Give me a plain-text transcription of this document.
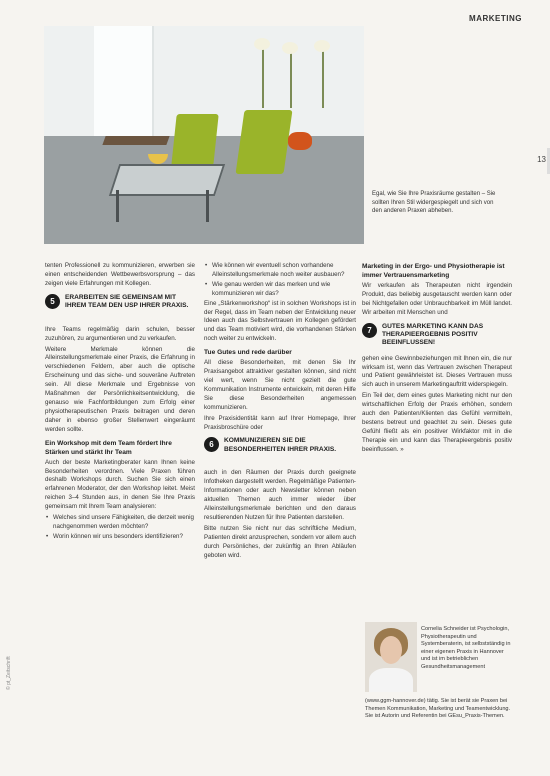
MARKETING
13
Egal, wie Sie Ihre Praxisräume gestalten – Sie sollten Ihren Stil widergespiegelt und sich von den anderen Praxen abheben.

tenten Professionell zu kommunizieren, erwerben sie einen entscheidenden Wettbewerbsvorsprung – das zeigen viele Erfahrungen mit Kollegen.

5	ERARBEITEN SIE GEMEINSAM MIT IHREM TEAM DEN USP IHRER PRAXIS.

Ihre Teams regelmäßig darin schulen, besser zuzuhören, zu argumentieren und zu verkaufen.

Weitere Merkmale können die Alleinstellungsmerkmale einer Praxis, die Erfahrung in verschiedenen Feldern, aber auch die optische Erscheinung und das siche- und souveräne Auftreten sein. All diese Merkmale und Ergebnisse von Maßnahmen der Persönlichkeitsentwicklung, die genauso wie Fachfortbildungen zum Erfolg einer physiotherapeutischen Praxis beitragen und deren daher in ebenso großer Stellenwert eingeräumt werden sollte.

Ein Workshop mit dem Team fördert Ihre Stärken und stärkt Ihr Team

Auch der beste Marketingberater kann Ihnen keine Besonderheiten verordnen. Viele Praxen führen deshalb Workshops durch. Suchen Sie sich einen erfahrenen Moderator, der den Workshop leitet. Meist reichen 3–4 Stunden aus, in denen Sie Ihre Praxis gemeinsam mit Ihrem Team analysieren:

• Welches sind unsere Fähigkeiten, die derzeit wenig nachgenommen werden möchten?
• Worin können wir uns besonders identifizieren?
• Wie können wir eventuell schon vorhandene Alleinstellungsmerkmale noch weiter ausbauen?
• Wie genau werden wir das merken und wie kommunizieren wir das?

Eine „Stärkenworkshop“ ist in solchen Workshops ist in der Regel, dass im Team neben der Entwicklung neuer Ideen auch das Selbstvertrauen im Kollegen gefördert und das Team motiviert wird, die vorhandenen Stärken noch weiter zu entwickeln.

Tue Gutes und rede darüber

All diese Besonderheiten, mit denen Sie Ihr Praxisangebot attraktiver gestalten können, sind nicht viel wert, wenn Sie nicht gezielt die gute Kommunikation Instrumente entwickeln, mit deren Hilfe Sie diese Besonderheiten angemessen kommunizieren.

Ihre Praxisidentität kann auf Ihrer Homepage, Ihrer Praxisbroschüre oder

6	KOMMUNIZIEREN SIE DIE BESONDERHEITEN IHRER PRAXIS.

auch in den Räumen der Praxis durch geeignete Infotheken dargestellt werden. Regelmäßige Patienten-Informationen oder auch Newsletter können neben aktuellen Themen auch immer wieder über Alleinstellungsmerkmale berichten und den daraus resultierenden Nutzen für Ihre Patienten darstellen.

Bitte nutzen Sie nicht nur das schriftliche Medium, Patienten direkt anzusprechen, sondern vor allem auch durch Persönliches, der zukünftig an Ihren Abläufen geboten wird.

Marketing in der Ergo- und Physiotherapie ist immer Vertrauensmarketing

Wir verkaufen als Therapeuten nicht irgendein Produkt, das beliebig ausgetauscht werden kann oder bei Nichtgefallen oder Unbrauchbarkeit im Müll landet. Wir arbeiten mit Menschen und

7	GUTES MARKETING KANN DAS THERAPIEERGEBNIS POSITIV BEEINFLUSSEN!

gehen eine Gewinnbeziehungen mit Ihnen ein, die nur wirksam ist, wenn das Vertrauen zwischen Therapeut und Patient gewährleistet ist. Dieses Vertrauen muss sich auch in unserem Marketingauftritt widerspiegeln.

Ein Teil der, dem eines gutes Marketing nicht nur den wirtschaftlichen Erfolg der Praxis erhöhen, sondern auch den Patienten/Klienten das Gefühl vermitteln, bestens betreut und geachtet zu sein. Dieses gute Gefühl fließt als ein positiver Wirkfaktor mit in die Therapie ein und kann das Therapieergebnis positiv beeinflussen. »

Cornelia Schneider ist Psychologin, Physiotherapeutin und Systemberaterin, ist selbstständig in einer eigenen Praxis in Hannover und ist im betrieblichen Gesundheitsmanagement
(www.ggm-hannover.de) tätig. Sie ist berät sie Praxen bei Themen Kommunikation, Marketing und Teamentwicklung. Sie ist Autorin und Referentin bei GEsu_Praxis-Themen.
© pt_Zeitschrift
